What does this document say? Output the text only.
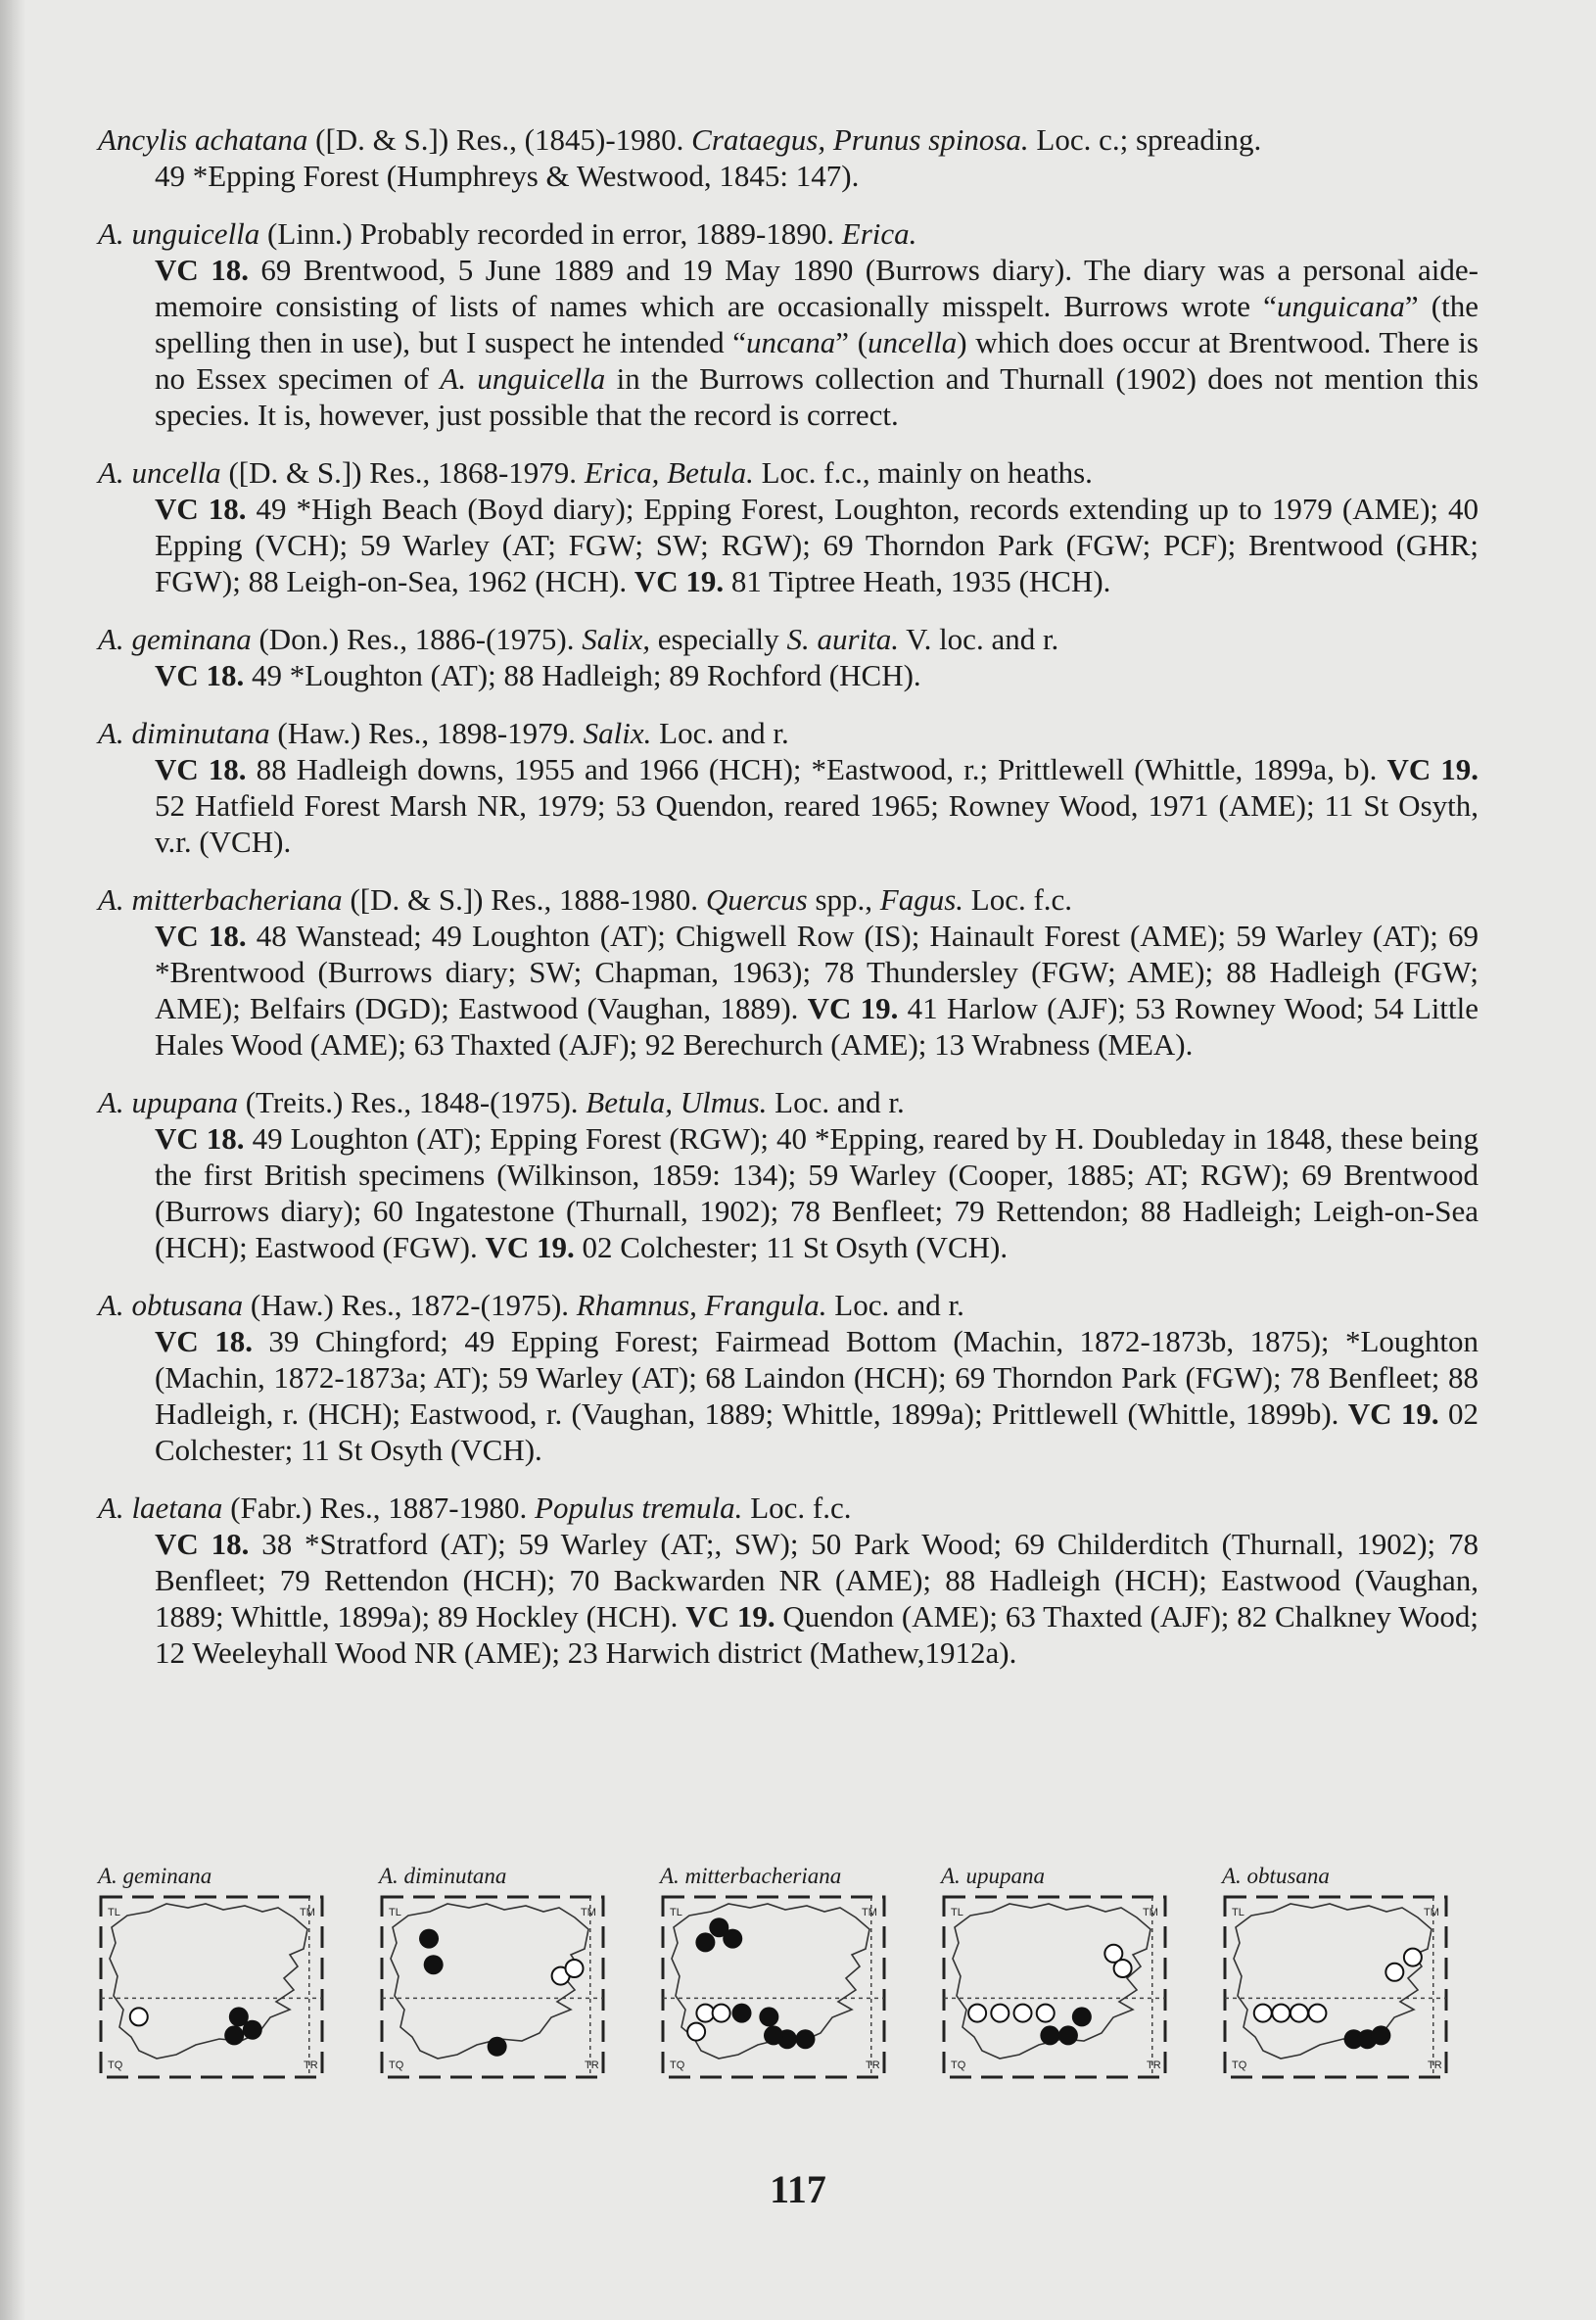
Ancylis achatana ([D. & S.]) Res., (1845)-1980. Crataegus, Prunus spinosa. Loc. c.; spreading.
49 *Epping Forest (Humphreys & Westwood, 1845: 147).
A. unguicella (Linn.) Probably recorded in error, 1889-1890. Erica.
VC 18. 69 Brentwood, 5 June 1889 and 19 May 1890 (Burrows diary). The diary was a personal aide-memoire consisting of lists of names which are occasionally misspelt. Burrows wrote “unguicana” (the spelling then in use), but I suspect he intended “uncana” (uncella) which does occur at Brentwood. There is no Essex specimen of A. unguicella in the Burrows collection and Thurnall (1902) does not mention this species. It is, however, just possible that the record is correct.
A. uncella ([D. & S.]) Res., 1868-1979. Erica, Betula. Loc. f.c., mainly on heaths.
VC 18. 49 *High Beach (Boyd diary); Epping Forest, Loughton, records extending up to 1979 (AME); 40 Epping (VCH); 59 Warley (AT; FGW; SW; RGW); 69 Thorndon Park (FGW; PCF); Brentwood (GHR; FGW); 88 Leigh-on-Sea, 1962 (HCH). VC 19. 81 Tiptree Heath, 1935 (HCH).
A. geminana (Don.) Res., 1886-(1975). Salix, especially S. aurita. V. loc. and r.
VC 18. 49 *Loughton (AT); 88 Hadleigh; 89 Rochford (HCH).
A. diminutana (Haw.) Res., 1898-1979. Salix. Loc. and r.
VC 18. 88 Hadleigh downs, 1955 and 1966 (HCH); *Eastwood, r.; Prittlewell (Whittle, 1899a, b). VC 19. 52 Hatfield Forest Marsh NR, 1979; 53 Quendon, reared 1965; Rowney Wood, 1971 (AME); 11 St Osyth, v.r. (VCH).
A. mitterbacheriana ([D. & S.]) Res., 1888-1980. Quercus spp., Fagus. Loc. f.c.
VC 18. 48 Wanstead; 49 Loughton (AT); Chigwell Row (IS); Hainault Forest (AME); 59 Warley (AT); 69 *Brentwood (Burrows diary; SW; Chapman, 1963); 78 Thundersley (FGW; AME); 88 Hadleigh (FGW; AME); Belfairs (DGD); Eastwood (Vaughan, 1889). VC 19. 41 Harlow (AJF); 53 Rowney Wood; 54 Little Hales Wood (AME); 63 Thaxted (AJF); 92 Berechurch (AME); 13 Wrabness (MEA).
A. upupana (Treits.) Res., 1848-(1975). Betula, Ulmus. Loc. and r.
VC 18. 49 Loughton (AT); Epping Forest (RGW); 40 *Epping, reared by H. Doubleday in 1848, these being the first British specimens (Wilkinson, 1859: 134); 59 Warley (Cooper, 1885; AT; RGW); 69 Brentwood (Burrows diary); 60 Ingatestone (Thurnall, 1902); 78 Benfleet; 79 Rettendon; 88 Hadleigh; Leigh-on-Sea (HCH); Eastwood (FGW). VC 19. 02 Colchester; 11 St Osyth (VCH).
A. obtusana (Haw.) Res., 1872-(1975). Rhamnus, Frangula. Loc. and r.
VC 18. 39 Chingford; 49 Epping Forest; Fairmead Bottom (Machin, 1872-1873b, 1875); *Loughton (Machin, 1872-1873a; AT); 59 Warley (AT); 68 Laindon (HCH); 69 Thorndon Park (FGW); 78 Benfleet; 88 Hadleigh, r. (HCH); Eastwood, r. (Vaughan, 1889; Whittle, 1899a); Prittlewell (Whittle, 1899b). VC 19. 02 Colchester; 11 St Osyth (VCH).
A. laetana (Fabr.) Res., 1887-1980. Populus tremula. Loc. f.c.
VC 18. 38 *Stratford (AT); 59 Warley (AT;, SW); 50 Park Wood; 69 Childerditch (Thurnall, 1902); 78 Benfleet; 79 Rettendon (HCH); 70 Backwarden NR (AME); 88 Hadleigh (HCH); Eastwood (Vaughan, 1889; Whittle, 1899a); 89 Hockley (HCH). VC 19. Quendon (AME); 63 Thaxted (AJF); 82 Chalkney Wood; 12 Weeleyhall Wood NR (AME); 23 Harwich district (Mathew,1912a).
A. geminana
TL	TM
TQ	TR
A. diminutana
TL	TM
TQ	TR
A. mitterbacheriana
TL	TM
TQ	TR
A. upupana
TL	TM
TQ	TR
A. obtusana
TL	TM
TQ	TR
117
